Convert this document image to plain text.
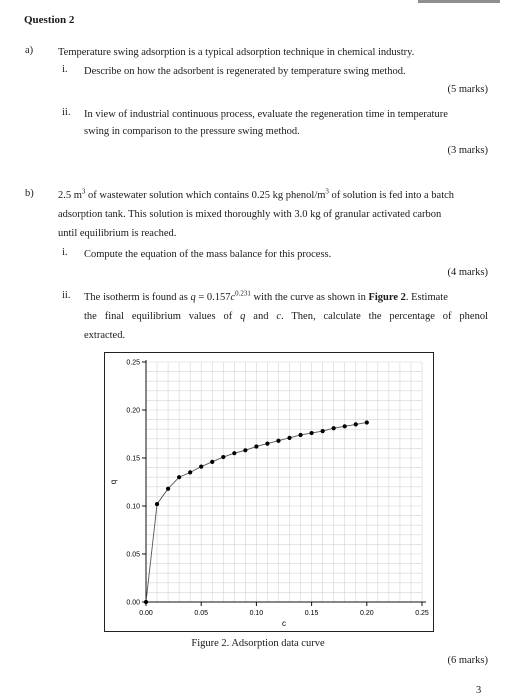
Question 2
a)	Temperature swing adsorption is a typical adsorption technique in chemical industry.
i. Describe on how the adsorbent is regenerated by temperature swing method.
(5 marks)
ii. In view of industrial continuous process, evaluate the regeneration time in temperature
swing in comparison to the pressure swing method.
(3 marks)
b)	2.5 $m^3$ of wastewater solution which contains 0.25 kg phenol/$m^3$ of solution is fed into a batch
adsorption tank. This solution is mixed thoroughly with 3.0 kg of granular activated carbon
until equilibrium is reached.
i. Compute the equation of the mass balance for this process.
(4 marks)
ii. The isotherm is found as $q = 0.157c^{0.231}$ with the curve as shown in Figure 2. Estimate
the final equilibrium values of q and c. Then, calculate the percentage of phenol
extracted.
0.00	0.05	0.10	0.15	0.20	0.25
0.00
0.05
0.10
0.15
0.20
0.25
c
q
Figure 2. Adsorption data curve
(6 marks)
3
